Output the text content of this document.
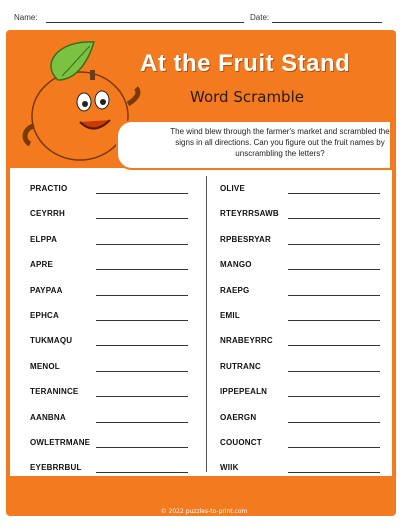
Name:	Date:
At the Fruit Stand
Word Scramble
The wind blew through the farmer's market and scrambled the signs in all directions. Can you figure out the fruit names by unscrambling the letters?
PRACTIO
CEYRRH
ELPPA
APRE
PAYPAA
EPHCA
TUKMAQU
MENOL
TERANINCE
AANBNA
OWLETRMANE
EYEBRRBUL
OLIVE
RTEYRRSAWB
RPBESRYAR
MANGO
RAEPG
EMIL
NRABEYRRC
RUTRANC
IPPEPEALN
OAERGN
COUONCT
WIIK
© 2022 puzzles-to-print.com
